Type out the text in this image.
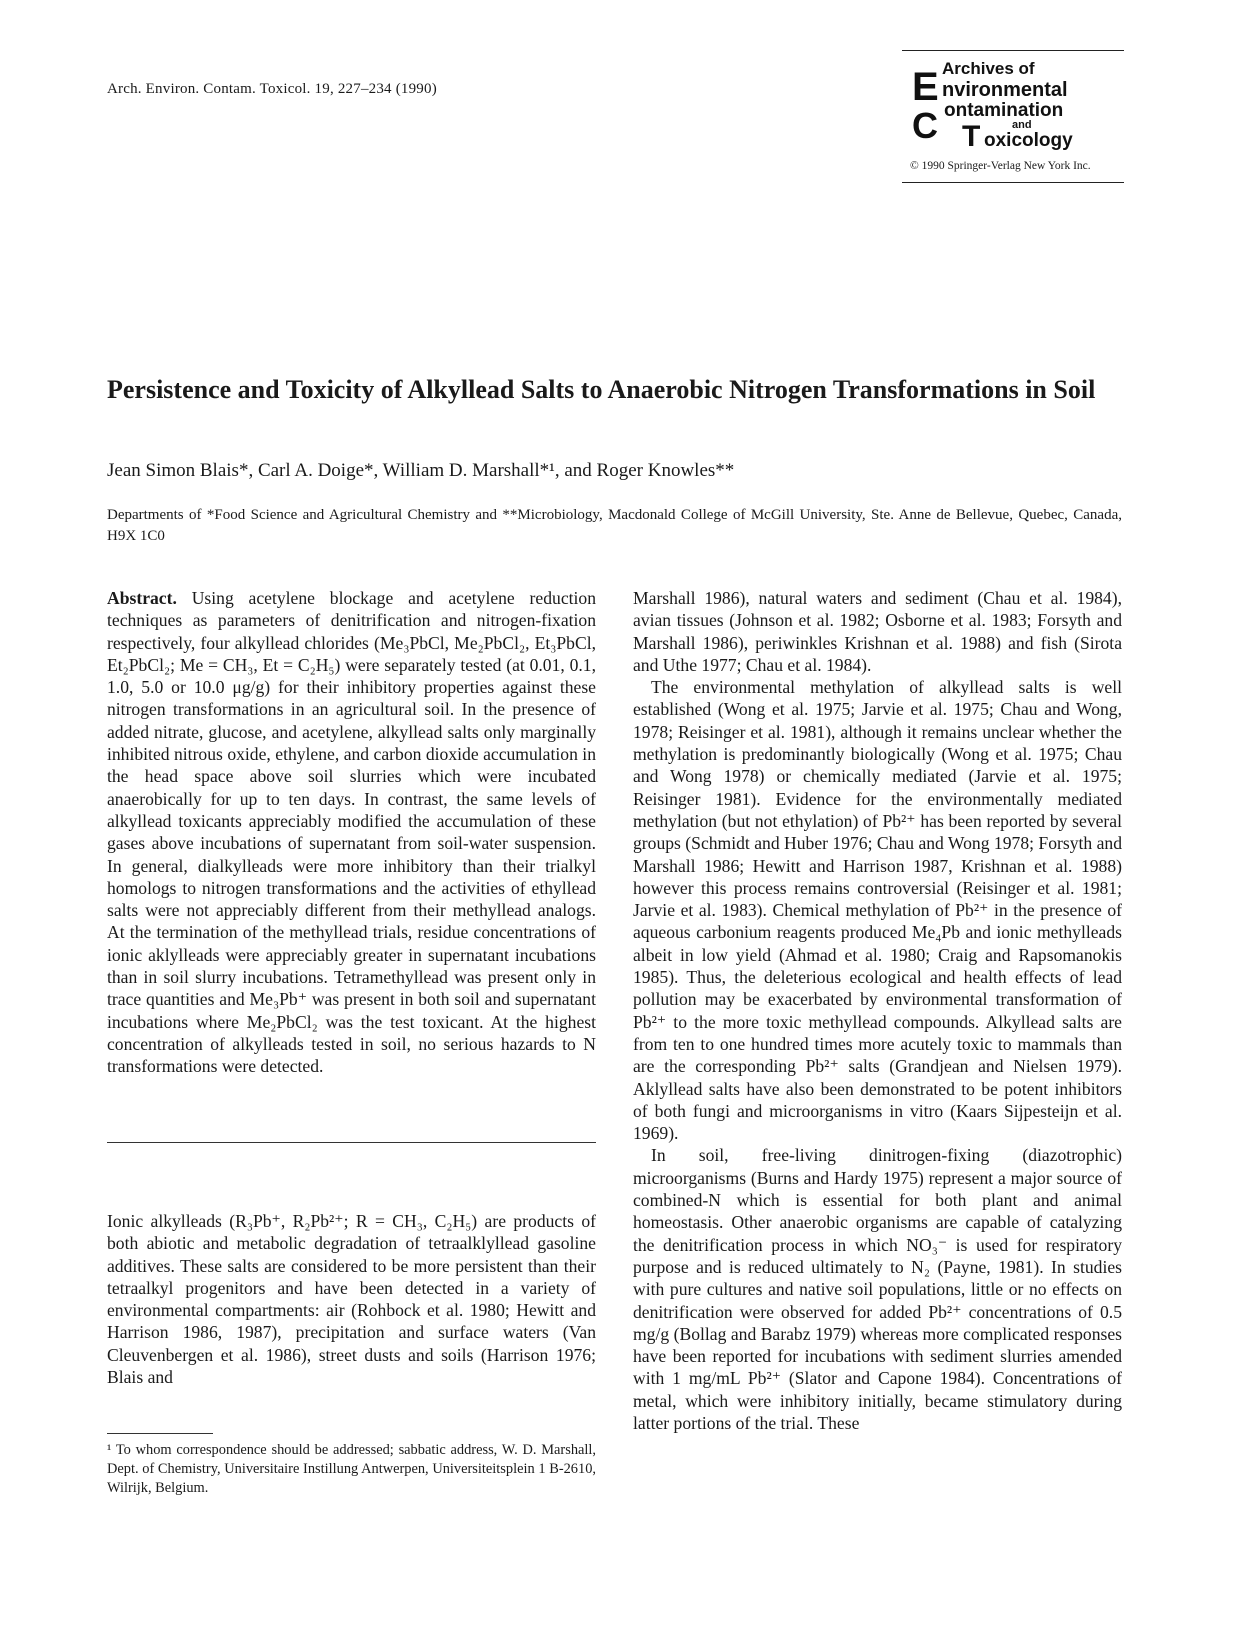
Arch. Environ. Contam. Toxicol. 19, 227–234 (1990)	E
C T
Archives of
nvironmental
ontamination
and
oxicology
© 1990 Springer-Verlag New York Inc.
Persistence and Toxicity of Alkyllead Salts to Anaerobic Nitrogen Transformations in Soil
Jean Simon Blais*, Carl A. Doige*, William D. Marshall*¹, and Roger Knowles**
Departments of *Food Science and Agricultural Chemistry and **Microbiology, Macdonald College of McGill University, Ste. Anne de Bellevue, Quebec, Canada, H9X 1C0

Abstract. Using acetylene blockage and acetylene reduction techniques as parameters of denitrification and nitrogen-fixation respectively, four alkyllead chlorides (Me₃PbCl, Me₂PbCl₂, Et₃PbCl, Et₂PbCl₂; Me = CH₃, Et = C₂H₅) were separately tested (at 0.01, 0.1, 1.0, 5.0 or 10.0 μg/g) for their inhibitory properties against these nitrogen transformations in an agricultural soil. In the presence of added nitrate, glucose, and acetylene, alkyllead salts only marginally inhibited nitrous oxide, ethylene, and carbon dioxide accumulation in the head space above soil slurries which were incubated anaerobically for up to ten days. In contrast, the same levels of alkyllead toxicants appreciably modified the accumulation of these gases above incubations of supernatant from soil-water suspension. In general, dialkylleads were more inhibitory than their trialkyl homologs to nitrogen transformations and the activities of ethyllead salts were not appreciably different from their methyllead analogs. At the termination of the methyllead trials, residue concentrations of ionic aklylleads were appreciably greater in supernatant incubations than in soil slurry incubations. Tetramethyllead was present only in trace quantities and Me₃Pb⁺ was present in both soil and supernatant incubations where Me₂PbCl₂ was the test toxicant. At the highest concentration of alkylleads tested in soil, no serious hazards to N transformations were detected.

Ionic alkylleads (R₃Pb⁺, R₂Pb²⁺; R = CH₃, C₂H₅) are products of both abiotic and metabolic degradation of tetraalklyllead gasoline additives. These salts are considered to be more persistent than their tetraalkyl progenitors and have been detected in a variety of environmental compartments: air (Rohbock et al. 1980; Hewitt and Harrison 1986, 1987), precipitation and surface waters (Van Cleuvenbergen et al. 1986), street dusts and soils (Harrison 1976; Blais and

¹ To whom correspondence should be addressed; sabbatic address, W. D. Marshall, Dept. of Chemistry, Universitaire Instillung Antwerpen, Universiteitsplein 1 B-2610, Wilrijk, Belgium.

Marshall 1986), natural waters and sediment (Chau et al. 1984), avian tissues (Johnson et al. 1982; Osborne et al. 1983; Forsyth and Marshall 1986), periwinkles Krishnan et al. 1988) and fish (Sirota and Uthe 1977; Chau et al. 1984).

The environmental methylation of alkyllead salts is well established (Wong et al. 1975; Jarvie et al. 1975; Chau and Wong, 1978; Reisinger et al. 1981), although it remains unclear whether the methylation is predominantly biologically (Wong et al. 1975; Chau and Wong 1978) or chemically mediated (Jarvie et al. 1975; Reisinger 1981). Evidence for the environmentally mediated methylation (but not ethylation) of Pb²⁺ has been reported by several groups (Schmidt and Huber 1976; Chau and Wong 1978; Forsyth and Marshall 1986; Hewitt and Harrison 1987, Krishnan et al. 1988) however this process remains controversial (Reisinger et al. 1981; Jarvie et al. 1983). Chemical methylation of Pb²⁺ in the presence of aqueous carbonium reagents produced Me₄Pb and ionic methylleads albeit in low yield (Ahmad et al. 1980; Craig and Rapsomanokis 1985). Thus, the deleterious ecological and health effects of lead pollution may be exacerbated by environmental transformation of Pb²⁺ to the more toxic methyllead compounds. Alkyllead salts are from ten to one hundred times more acutely toxic to mammals than are the corresponding Pb²⁺ salts (Grandjean and Nielsen 1979). Aklyllead salts have also been demonstrated to be potent inhibitors of both fungi and microorganisms in vitro (Kaars Sijpesteijn et al. 1969).

In soil, free-living dinitrogen-fixing (diazotrophic) microorganisms (Burns and Hardy 1975) represent a major source of combined-N which is essential for both plant and animal homeostasis. Other anaerobic organisms are capable of catalyzing the denitrification process in which NO₃⁻ is used for respiratory purpose and is reduced ultimately to N₂ (Payne, 1981). In studies with pure cultures and native soil populations, little or no effects on denitrification were observed for added Pb²⁺ concentrations of 0.5 mg/g (Bollag and Barabz 1979) whereas more complicated responses have been reported for incubations with sediment slurries amended with 1 mg/mL Pb²⁺ (Slator and Capone 1984). Concentrations of metal, which were inhibitory initially, became stimulatory during latter portions of the trial. These
